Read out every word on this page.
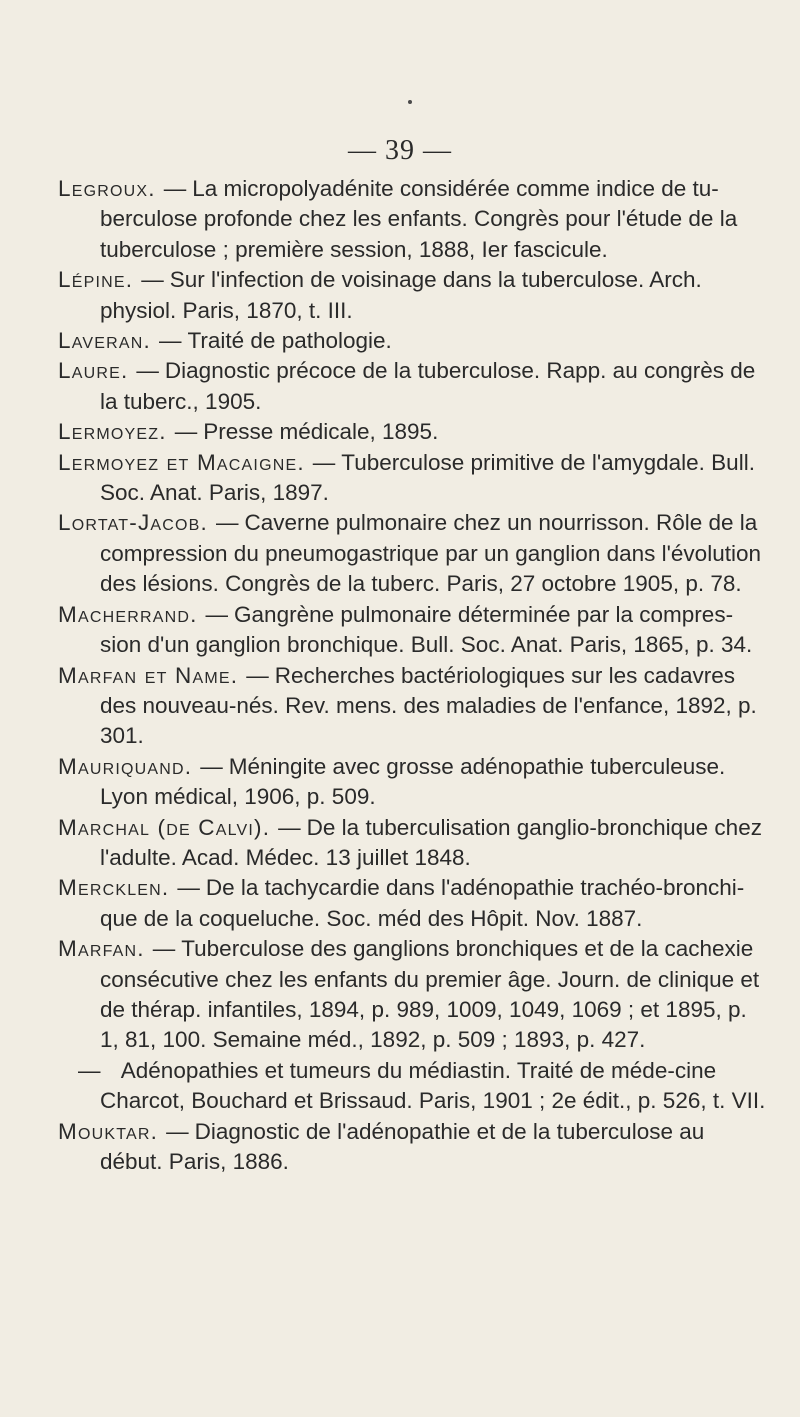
— 39 —

Legroux. — La micropolyadénite considérée comme indice de tu-berculose profonde chez les enfants. Congrès pour l'étude de la tuberculose ; première session, 1888, Ier fascicule.

Lépine. — Sur l'infection de voisinage dans la tuberculose. Arch. physiol. Paris, 1870, t. III.

Laveran. — Traité de pathologie.

Laure. — Diagnostic précoce de la tuberculose. Rapp. au congrès de la tuberc., 1905.

Lermoyez. — Presse médicale, 1895.

Lermoyez et Macaigne. — Tuberculose primitive de l'amygdale. Bull. Soc. Anat. Paris, 1897.

Lortat-Jacob. — Caverne pulmonaire chez un nourrisson. Rôle de la compression du pneumogastrique par un ganglion dans l'évolution des lésions. Congrès de la tuberc. Paris, 27 octobre 1905, p. 78.

Macherrand. — Gangrène pulmonaire déterminée par la compres-sion d'un ganglion bronchique. Bull. Soc. Anat. Paris, 1865, p. 34.

Marfan et Name. — Recherches bactériologiques sur les cadavres des nouveau-nés. Rev. mens. des maladies de l'enfance, 1892, p. 301.

Mauriquand. — Méningite avec grosse adénopathie tuberculeuse. Lyon médical, 1906, p. 509.

Marchal (de Calvi). — De la tuberculisation ganglio-bronchique chez l'adulte. Acad. Médec. 13 juillet 1848.

Mercklen. — De la tachycardie dans l'adénopathie trachéo-bronchi-que de la coqueluche. Soc. méd des Hôpit. Nov. 1887.

Marfan. — Tuberculose des ganglions bronchiques et de la cachexie consécutive chez les enfants du premier âge. Journ. de clinique et de thérap. infantiles, 1894, p. 989, 1009, 1049, 1069 ; et 1895, p. 1, 81, 100. Semaine méd., 1892, p. 509 ; 1893, p. 427.

— Adénopathies et tumeurs du médiastin. Traité de méde-cine Charcot, Bouchard et Brissaud. Paris, 1901 ; 2e édit., p. 526, t. VII.

Mouktar. — Diagnostic de l'adénopathie et de la tuberculose au début. Paris, 1886.
